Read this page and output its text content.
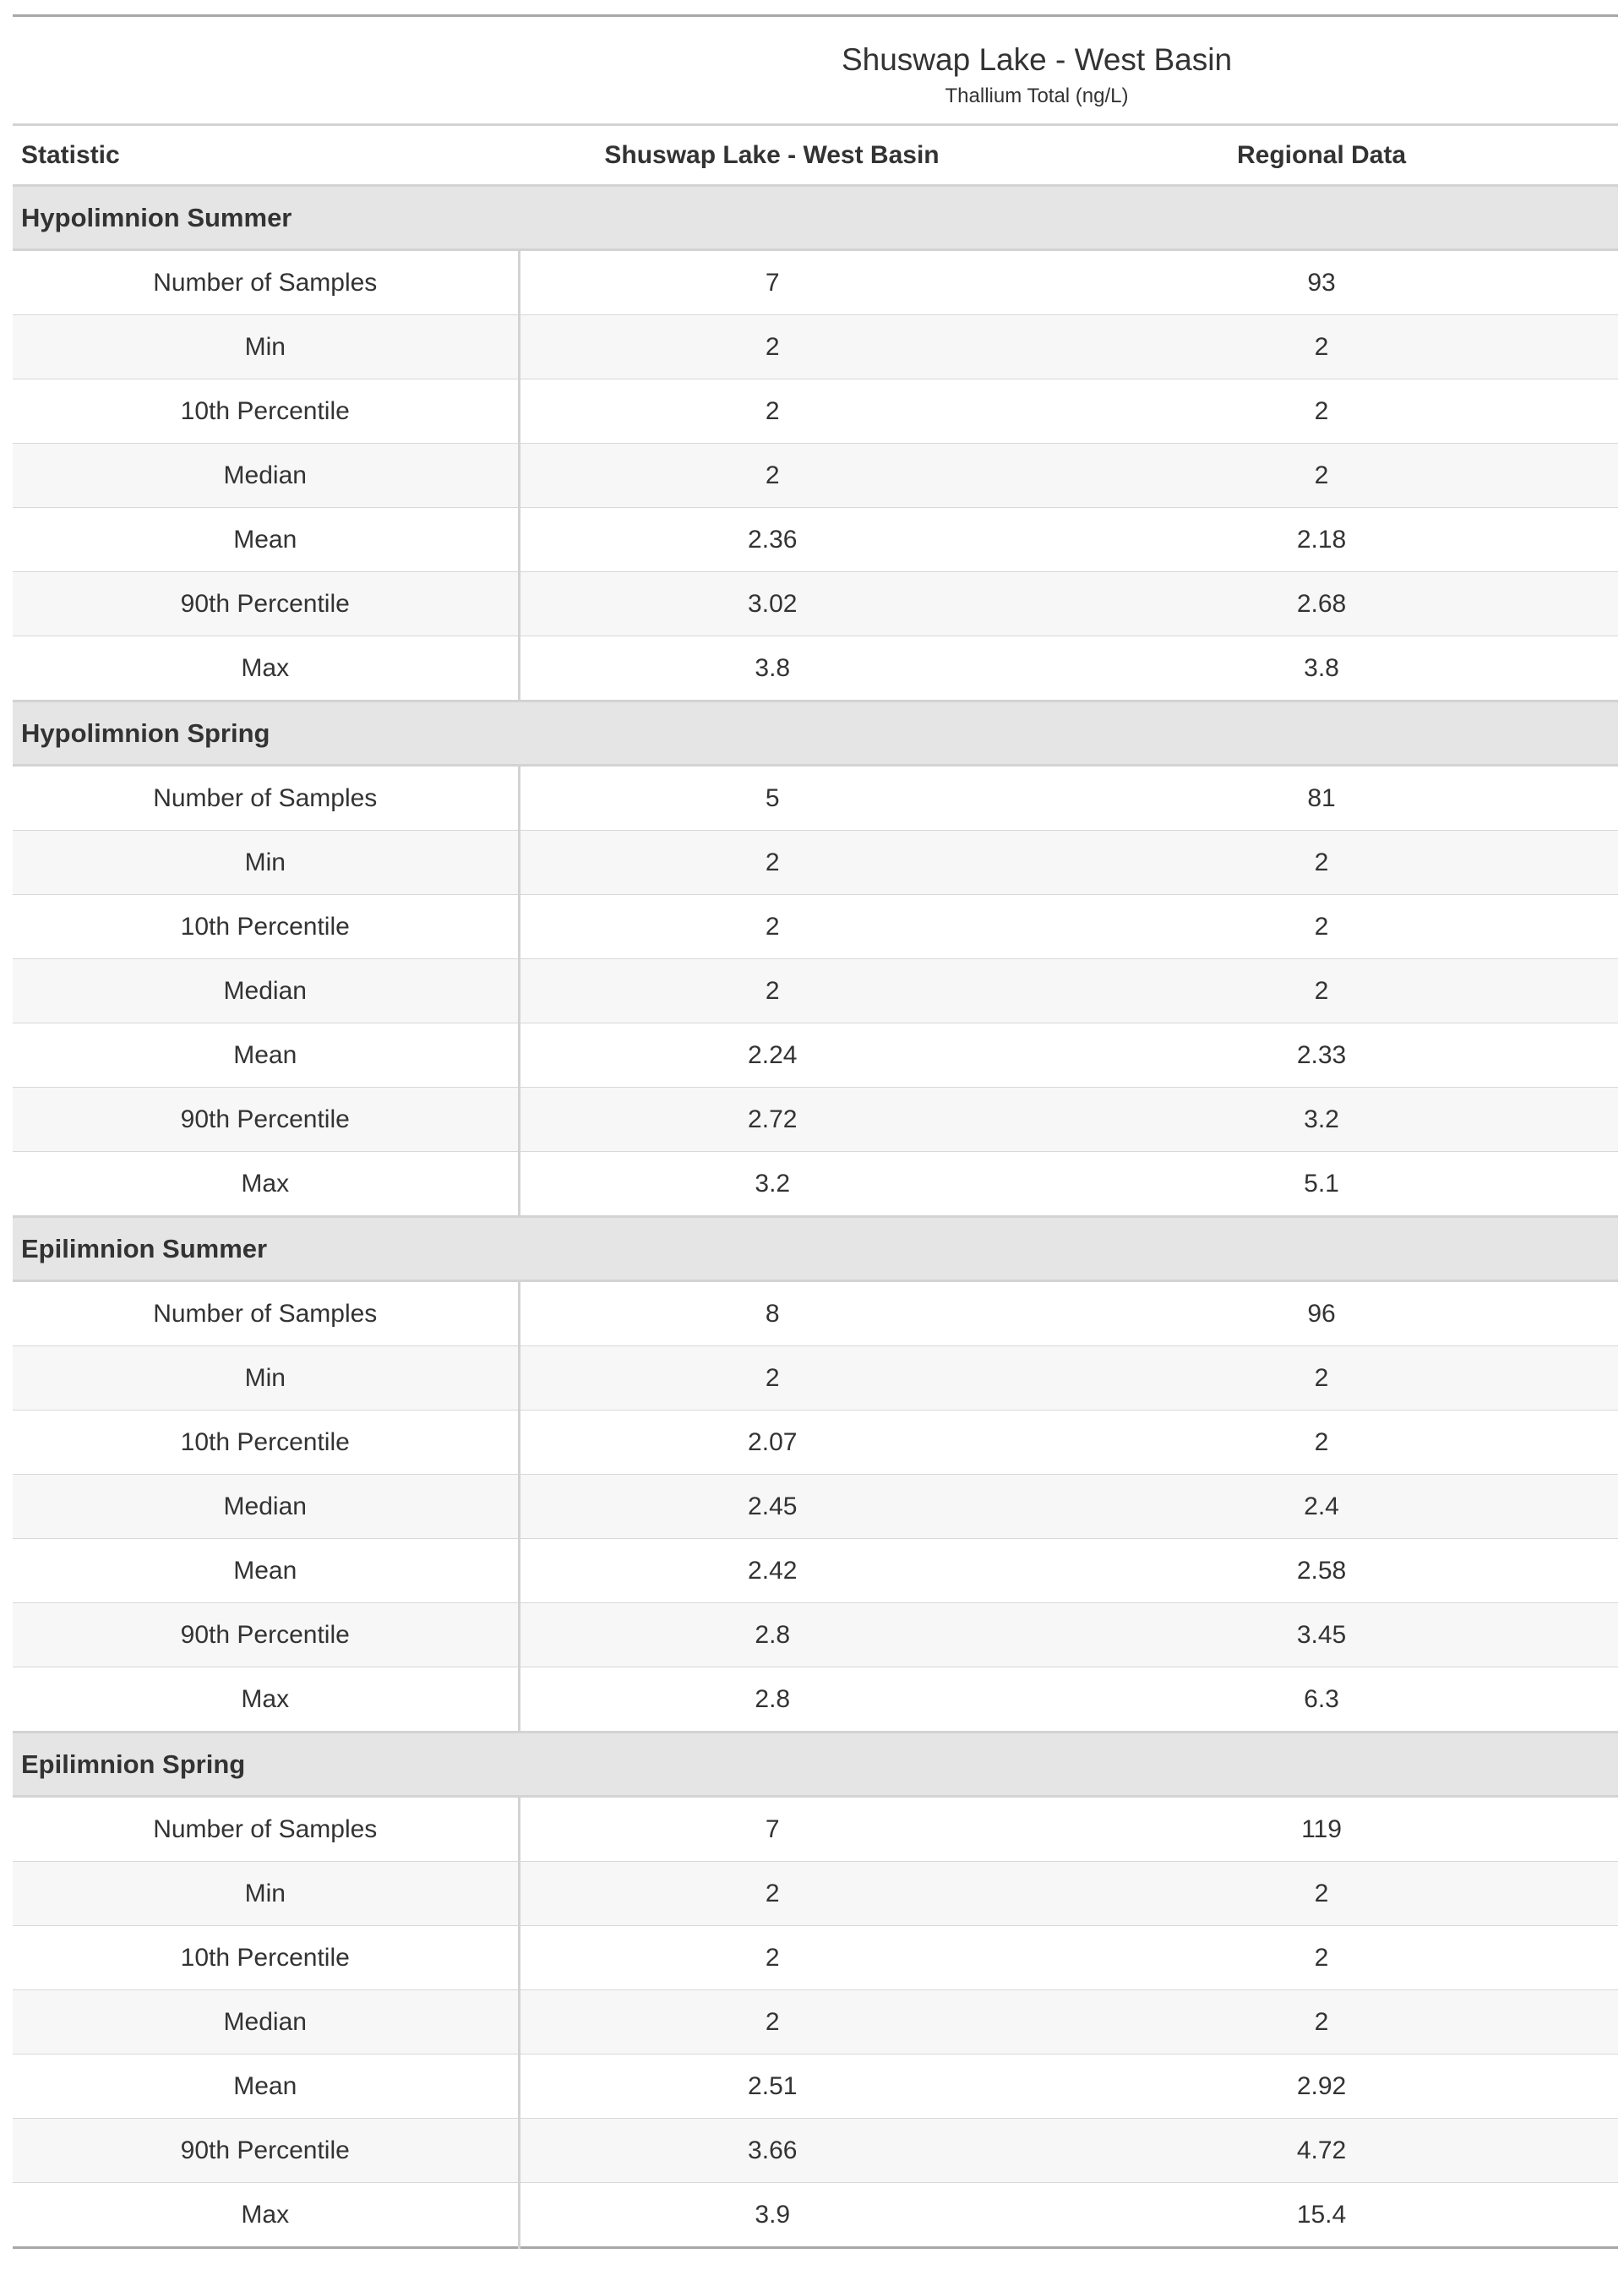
Shuswap Lake - West Basin		

Thallium Total (ng/L)		

Statistic	Shuswap Lake - West Basin	Regional Data
Hypolimnion Summer		
Number of Samples	7	93
Min	2	2
10th Percentile	2	2
Median	2	2
Mean	2.36	2.18
90th Percentile	3.02	2.68
Max	3.8	3.8
Hypolimnion Spring		
Number of Samples	5	81
Min	2	2
10th Percentile	2	2
Median	2	2
Mean	2.24	2.33
90th Percentile	2.72	3.2
Max	3.2	5.1
Epilimnion Summer		
Number of Samples	8	96
Min	2	2
10th Percentile	2.07	2
Median	2.45	2.4
Mean	2.42	2.58
90th Percentile	2.8	3.45
Max	2.8	6.3
Epilimnion Spring		
Number of Samples	7	119
Min	2	2
10th Percentile	2	2
Median	2	2
Mean	2.51	2.92
90th Percentile	3.66	4.72
Max	3.9	15.4
